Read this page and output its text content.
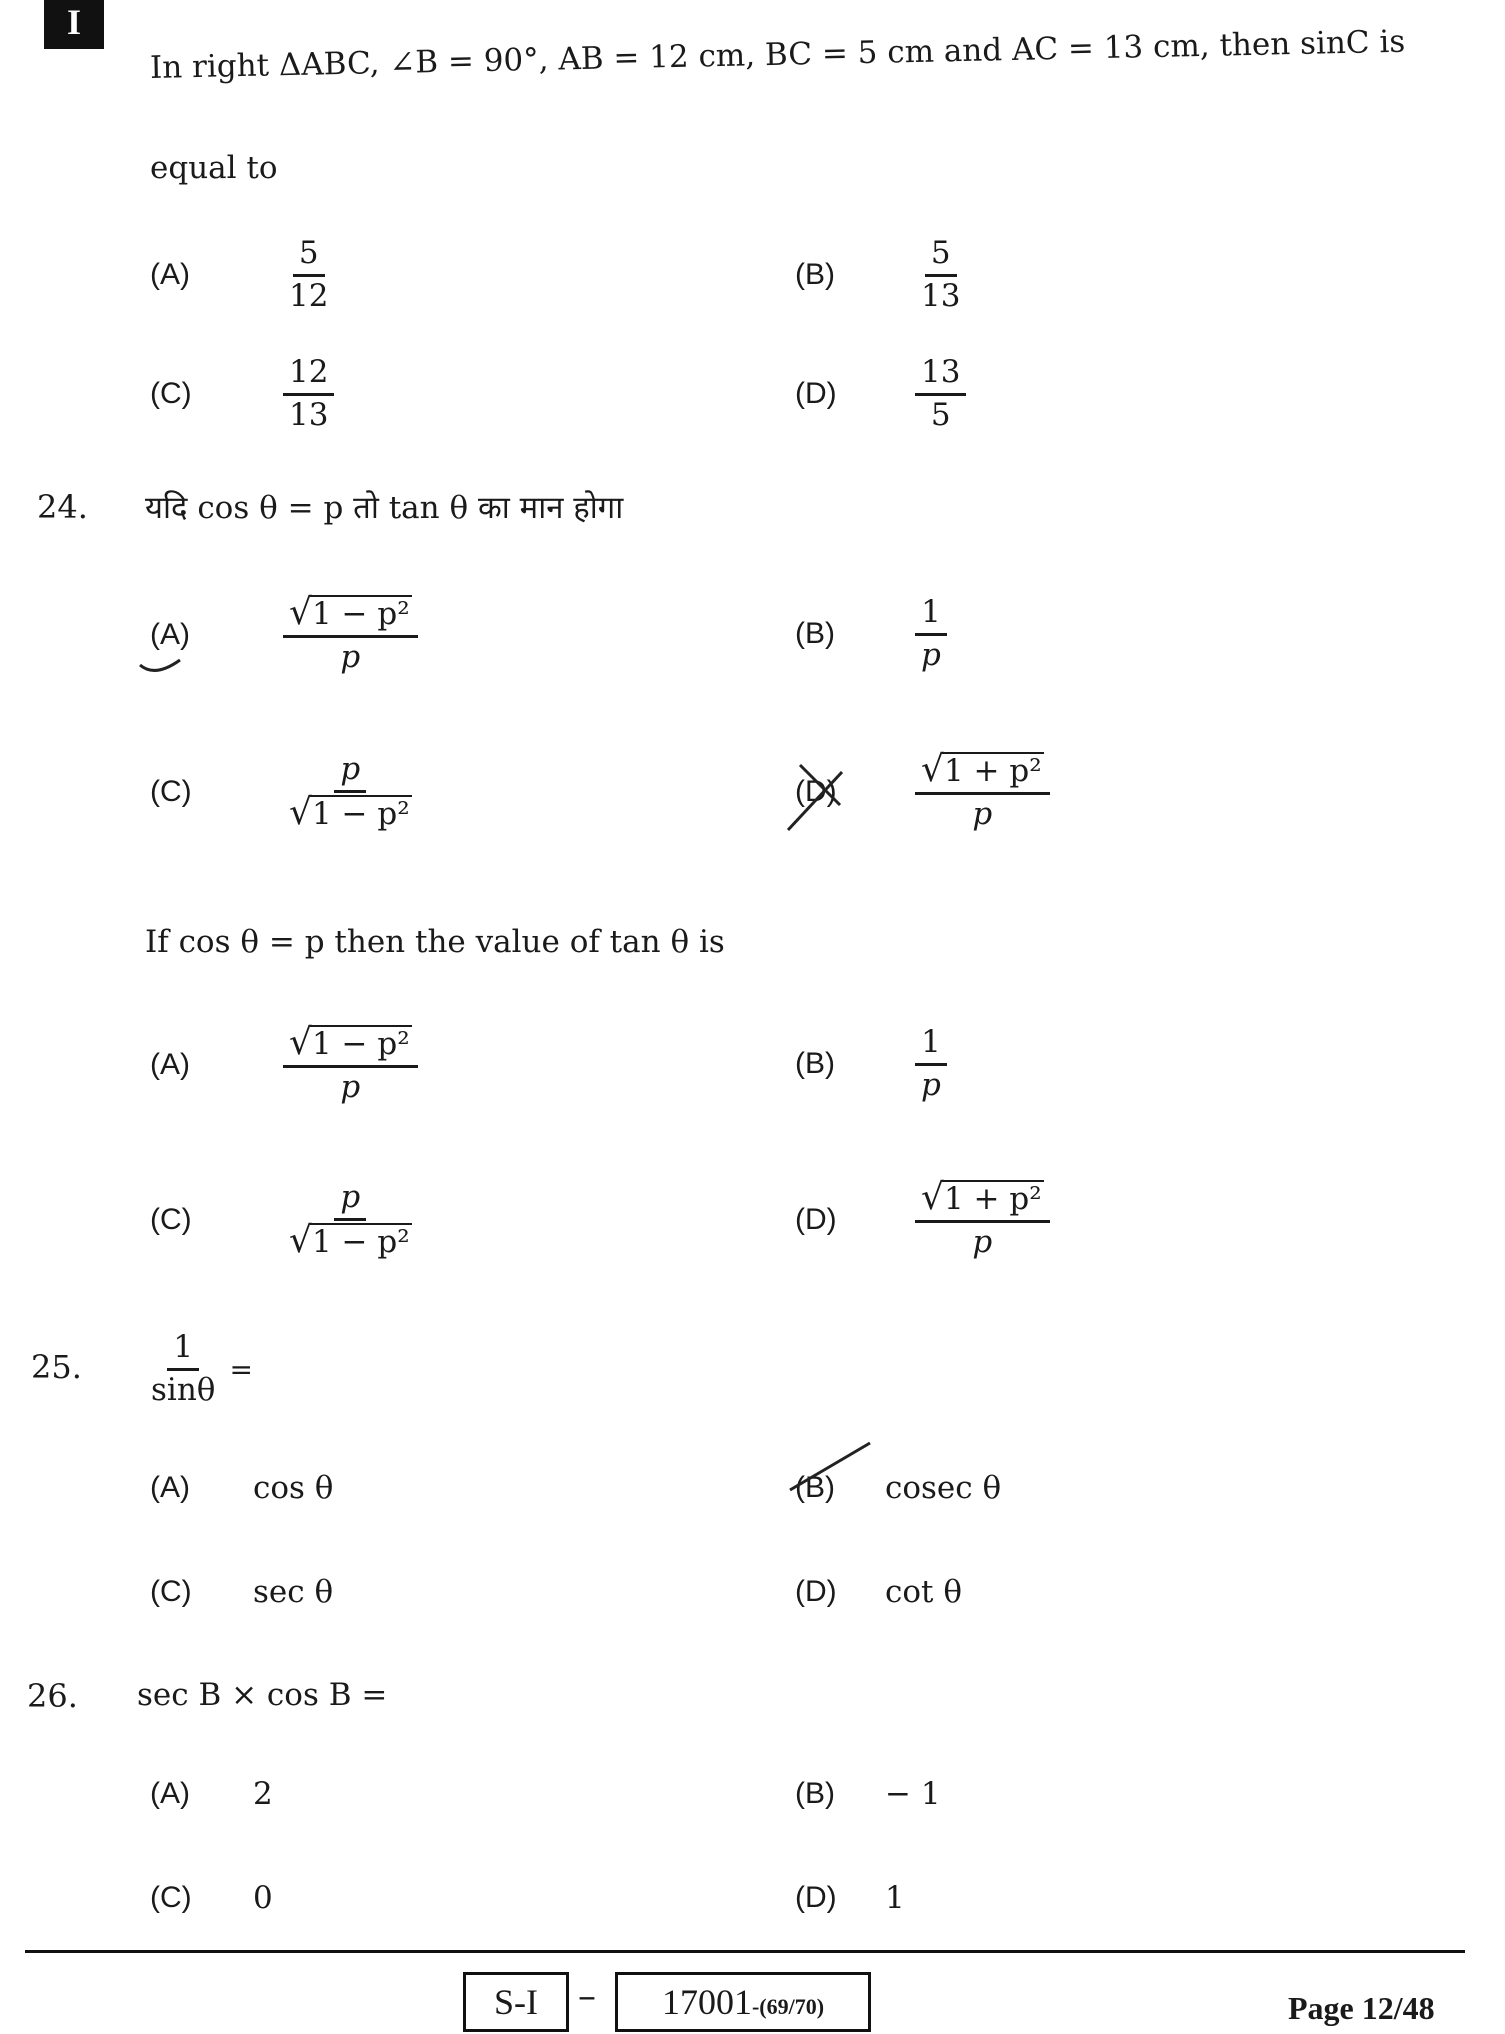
I
In right ΔABC, ∠B = 90°, AB = 12 cm, BC = 5 cm and AC = 13 cm, then sinC is
equal to
(A)	$\frac{5}{12}$	(B)	$\frac{5}{13}$
(C)	$\frac{12}{13}$	(D)	$\frac{13}{5}$
24. यदि cos θ = p तो tan θ का मान होगा
(A)	$\frac{\text{√ 1 − p²}}{p}$	(B)	$\frac{1}{p}$
(C)	$\frac{p}{\text{√ 1 − p²}}$	(D)	$\frac{\text{√ 1 + p²}}{p}$
If cos θ = p then the value of tan θ is
(A)	$\frac{\text{√ 1 − p²}}{p}$	(B)	$\frac{1}{p}$
(C)	$\frac{p}{\text{√ 1 − p²}}$	(D)	$\frac{\text{√ 1 + p²}}{p}$
25. $\frac{1}{\sin\theta}$ =
(A)	cos θ	(B)	cosec θ
(C)	sec θ	(D)	cot θ
26. sec B × cos B =
(A)	2	(B)	− 1
(C)	0	(D)	1
S-I	–	17001-(69/70)	Page 12/48
